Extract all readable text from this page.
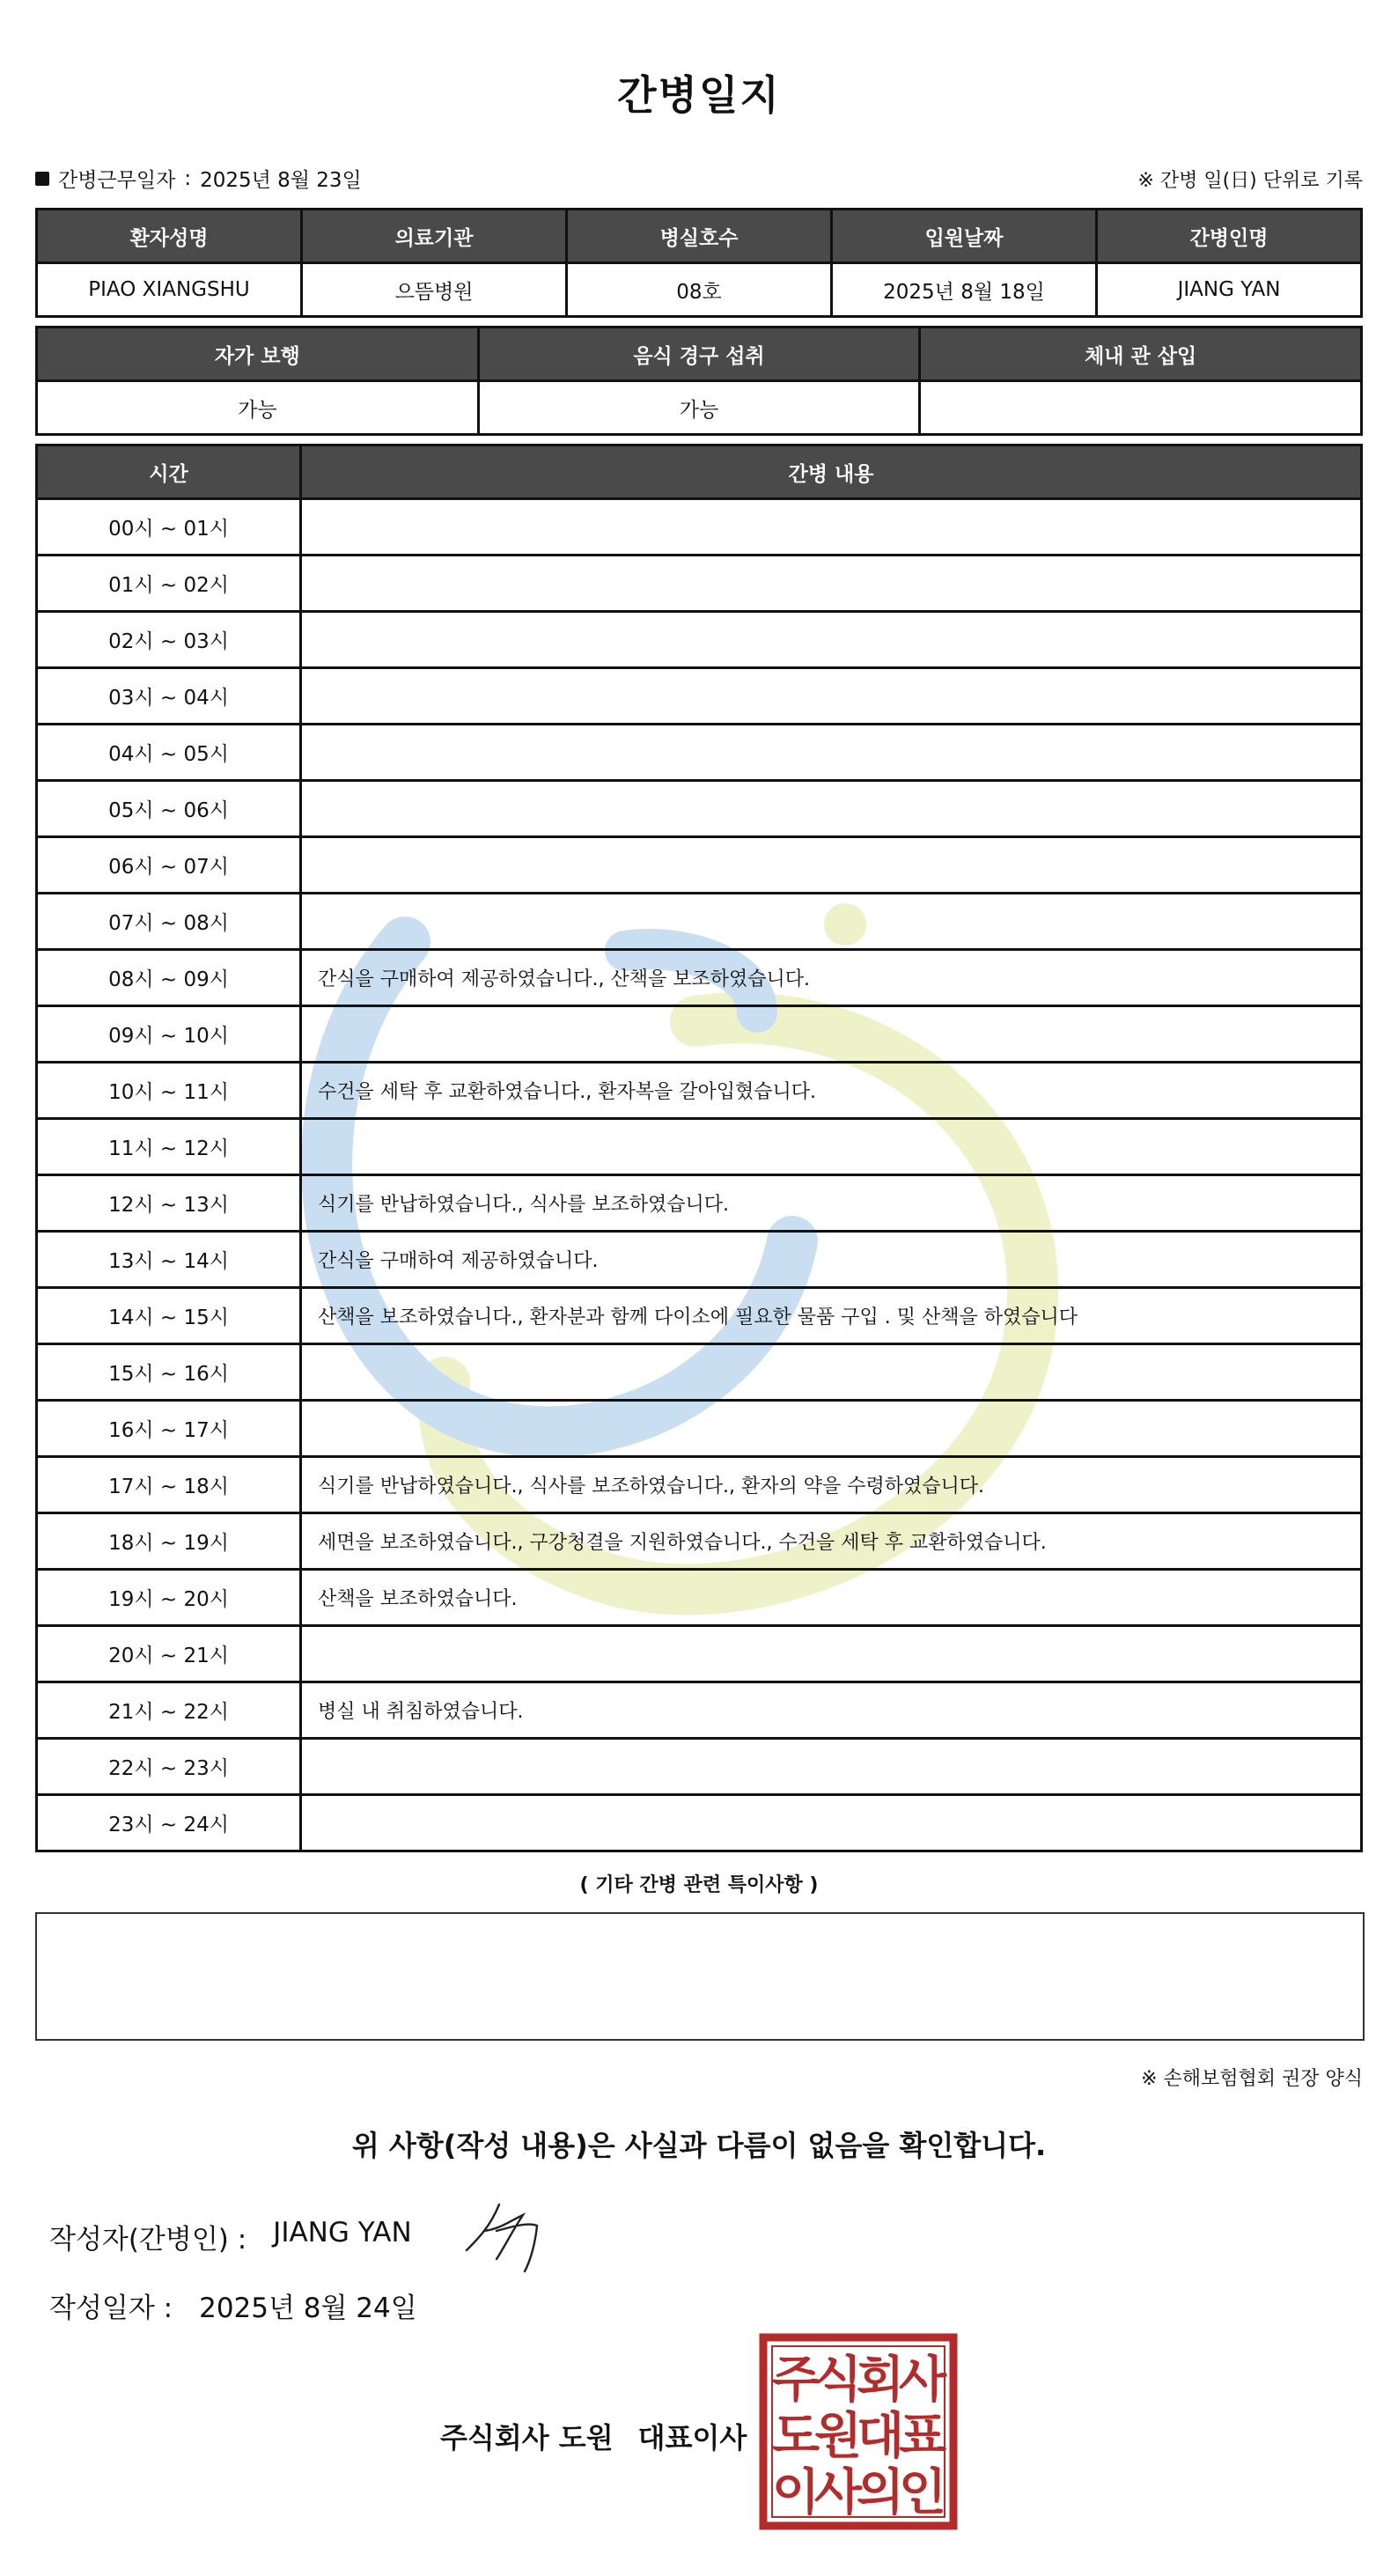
간병일지
간병근무일자 : 2025년 8월 23일	※ 간병 일(日) 단위로 기록
환자성명	의료기관	병실호수	입원날짜	간병인명
PIAO XIANGSHU	으뜸병원	08호	2025년 8월 18일	JIANG YAN
자가 보행	음식 경구 섭취	체내 관 삽입
가능	가능	
시간	간병 내용
00시 ~ 01시	
01시 ~ 02시	
02시 ~ 03시	
03시 ~ 04시	
04시 ~ 05시	
05시 ~ 06시	
06시 ~ 07시	
07시 ~ 08시	
08시 ~ 09시	간식을 구매하여 제공하였습니다., 산책을 보조하였습니다.
09시 ~ 10시	
10시 ~ 11시	수건을 세탁 후 교환하였습니다., 환자복을 갈아입혔습니다.
11시 ~ 12시	
12시 ~ 13시	식기를 반납하였습니다., 식사를 보조하였습니다.
13시 ~ 14시	간식을 구매하여 제공하였습니다.
14시 ~ 15시	산책을 보조하였습니다., 환자분과 함께 다이소에 필요한 물품 구입 . 및 산책을 하였습니다
15시 ~ 16시	
16시 ~ 17시	
17시 ~ 18시	식기를 반납하였습니다., 식사를 보조하였습니다., 환자의 약을 수령하였습니다.
18시 ~ 19시	세면을 보조하였습니다., 구강청결을 지원하였습니다., 수건을 세탁 후 교환하였습니다.
19시 ~ 20시	산책을 보조하였습니다.
20시 ~ 21시	
21시 ~ 22시	병실 내 취침하였습니다.
22시 ~ 23시	
23시 ~ 24시	
( 기타 간병 관련 특이사항 )
※ 손해보험협회 권장 양식
위 사항(작성 내용)은 사실과 다름이 없음을 확인합니다.
작성자(간병인) : JIANG YAN
작성일자 : 2025년 8월 24일
주식회사 도원 대표이사
주
식
회
사
도
원
대
표
이
사
의
인
